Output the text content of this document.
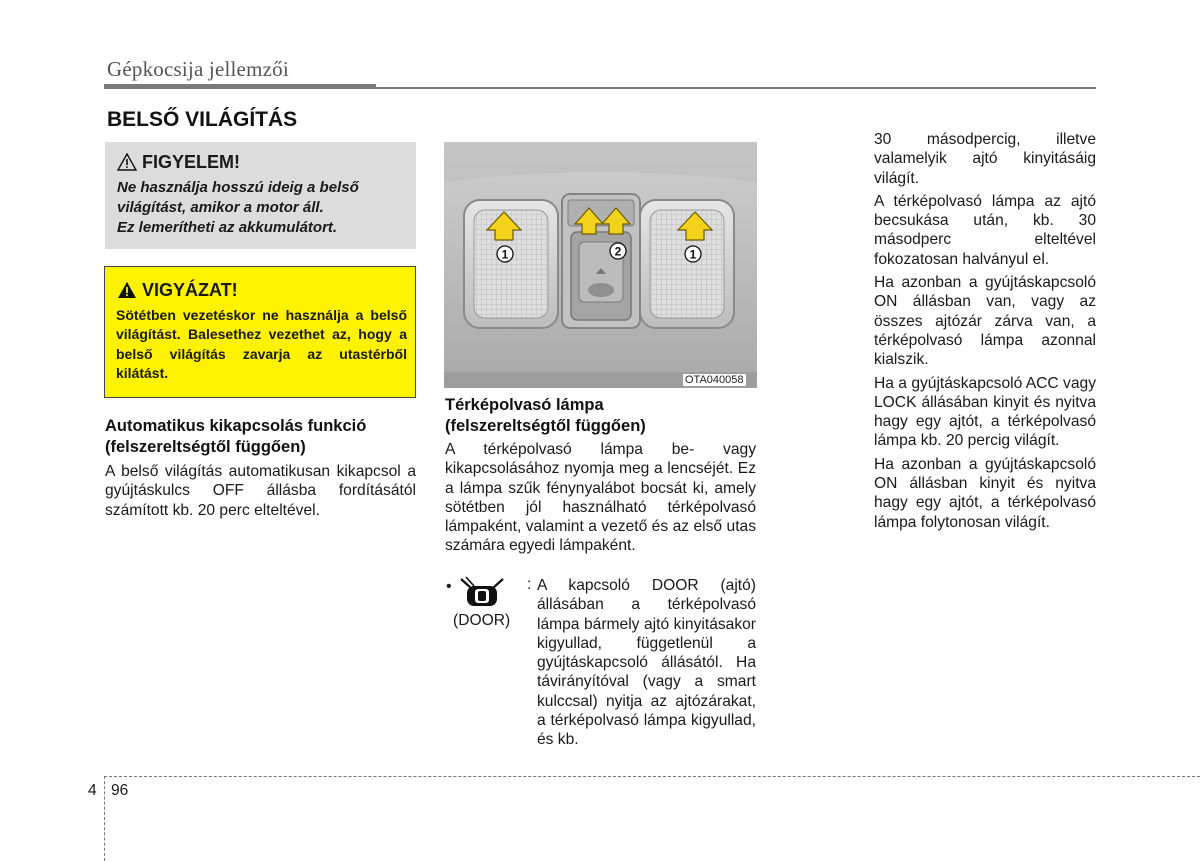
Gépkocsija jellemzői
BELSŐ VILÁGÍTÁS
FIGYELEM!
Ne használja hosszú ideig a belső
világítást, amikor a motor áll.
Ez lemerítheti az akkumulátort.
VIGYÁZAT!
Sötétben vezetéskor ne használja a belső világítást. Balesethez vezethet az, hogy a belső világítás zavarja az utastérből kilátást.
Automatikus kikapcsolás funkció
(felszereltségtől függően)
A belső világítás automatikusan kikapcsol a gyújtáskulcs OFF állásba fordításától számított kb. 20 perc elteltével.
1	2	1
OTA040058
Térképolvasó lámpa
(felszereltségtől függően)
A térképolvasó lámpa be- vagy kikapcsolásához nyomja meg a lencséjét. Ez a lámpa szűk fénynyalábot bocsát ki, amely sötétben jól használható térképolvasó lámpaként, valamint a vezető és az első utas számára egyedi lámpaként.
•
(DOOR)
: A kapcsoló DOOR (ajtó) állásában a térképolvasó lámpa bármely ajtó kinyitásakor kigyullad, függetlenül a gyújtáskapcsoló állásától. Ha távirányítóval (vagy a smart kulccsal) nyitja az ajtózárakat, a térképolvasó lámpa kigyullad, és kb.

30 másodpercig, illetve valamelyik ajtó kinyitásáig világít.

A térképolvasó lámpa az ajtó becsukása után, kb. 30 másodperc elteltével fokozatosan halványul el.

Ha azonban a gyújtáskapcsoló ON állásban van, vagy az összes ajtózár zárva van, a térképolvasó lámpa azonnal kialszik.

Ha a gyújtáskapcsoló ACC vagy LOCK állásában kinyit és nyitva hagy egy ajtót, a térképolvasó lámpa kb. 20 percig világít.

Ha azonban a gyújtáskapcsoló ON állásban kinyit és nyitva hagy egy ajtót, a térképolvasó lámpa folytonosan világít.

4 96
